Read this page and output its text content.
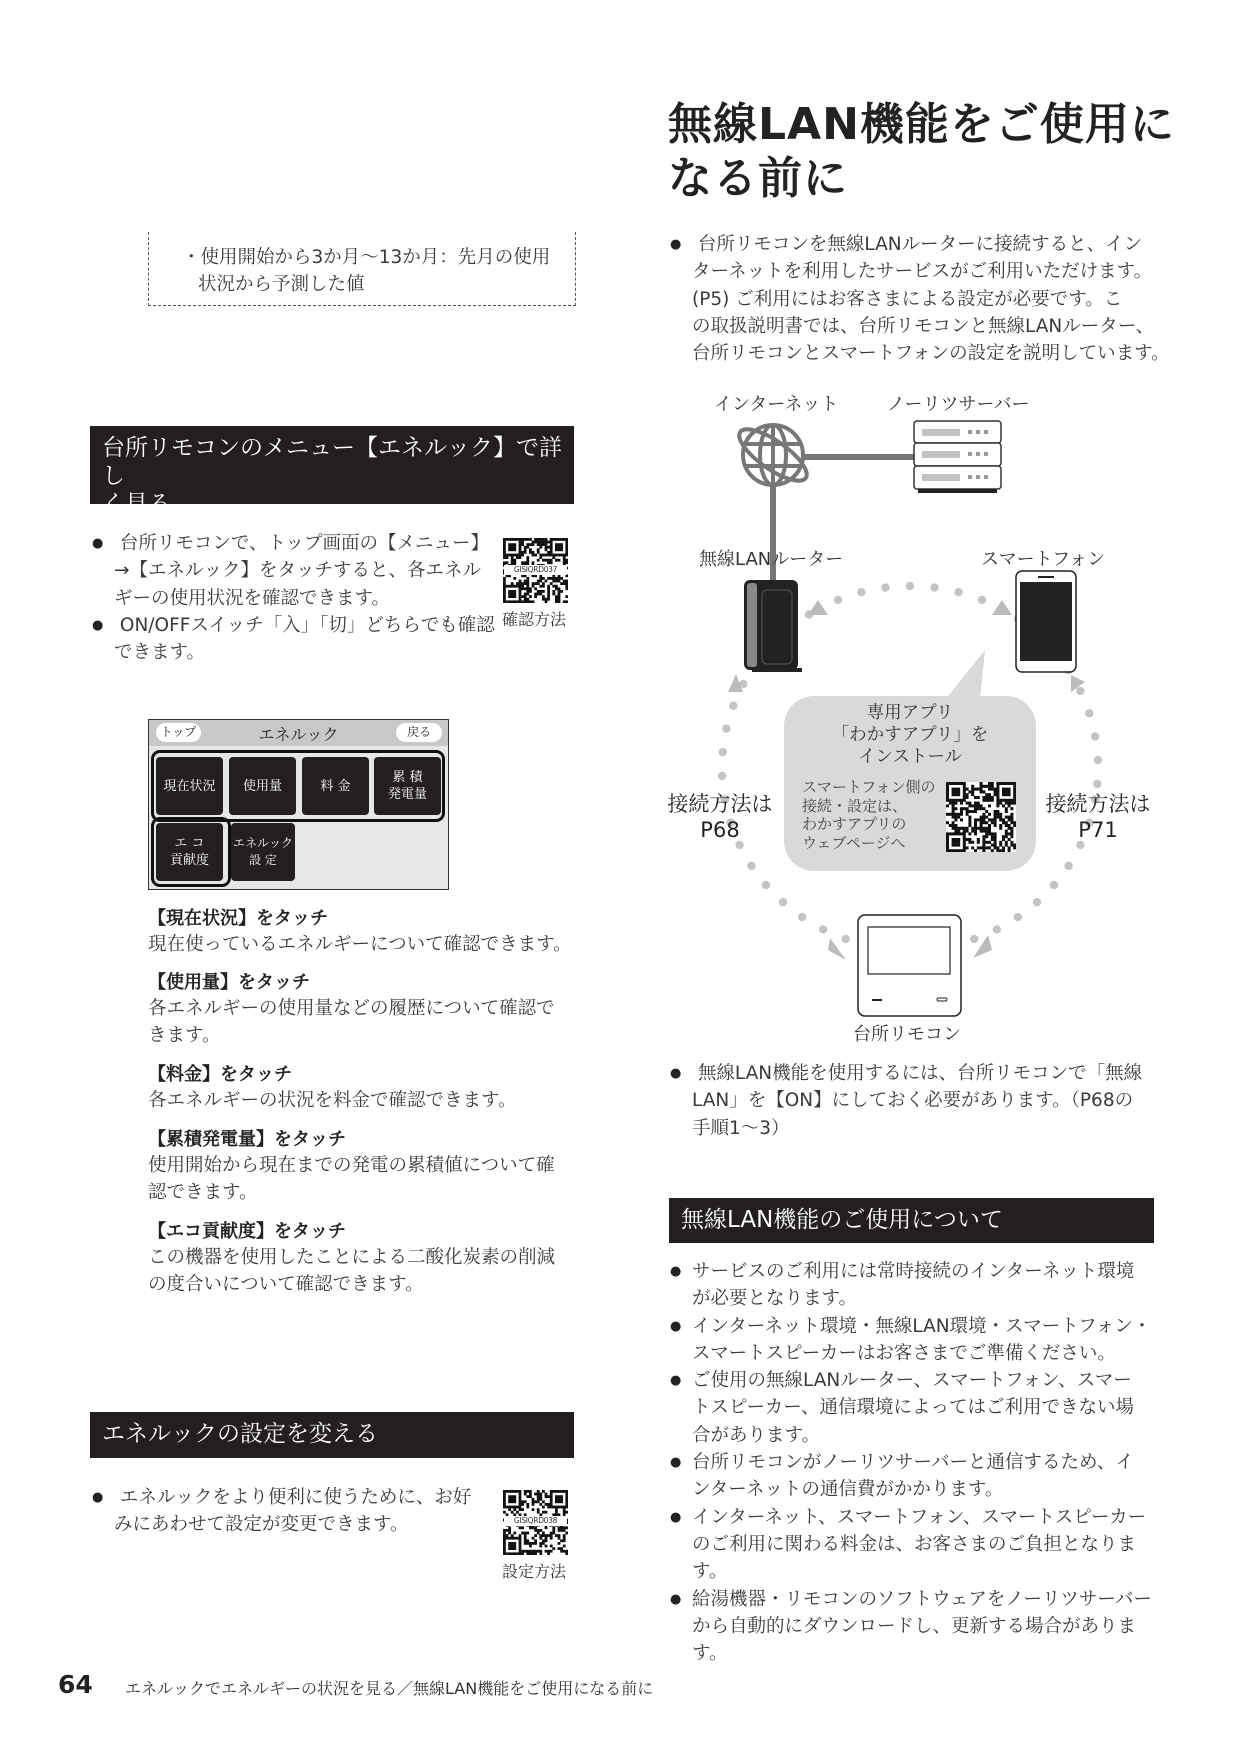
・使用開始から3か月〜13か月：先月の使用
状況から予測した値
台所リモコンのメニュー【エネルック】で詳し
く見る
● 台所リモコンで、トップ画面の【メニュー】
→【エネルック】をタッチすると、各エネル
ギーの使用状況を確認できます。
● ON/OFFスイッチ「入」「切」どちらでも確認
できます。
GISIQRD037
確認方法
トップ	エネルック	戻る
現在状況	使用量	料 金
累 積
発電量
エ コ
貢献度
エネルック
設 定
【現在状況】をタッチ
現在使っているエネルギーについて確認できます。
【使用量】をタッチ
各エネルギーの使用量などの履歴について確認で
きます。
【料金】をタッチ
各エネルギーの状況を料金で確認できます。
【累積発電量】をタッチ
使用開始から現在までの発電の累積値について確
認できます。
【エコ貢献度】をタッチ
この機器を使用したことによる二酸化炭素の削減
の度合いについて確認できます。
エネルックの設定を変える
● エネルックをより便利に使うために、お好
みにあわせて設定が変更できます。	GISIQRD038
設定方法
無線LAN機能をご使用に
なる前に
● 台所リモコンを無線LANルーターに接続すると、イン
ターネットを利用したサービスがご利用いただけます。
(P5) ご利用にはお客さまによる設定が必要です。こ
の取扱説明書では、台所リモコンと無線LANルーター、
台所リモコンとスマートフォンの設定を説明しています。
インターネット	ノーリツサーバー
無線LANルーター	スマートフォン
台所リモコン
接続方法は
P68
接続方法は
P71
専用アプリ
「わかすアプリ」を
インストール
スマートフォン側の
接続・設定は、
わかすアプリの
ウェブページへ
● 無線LAN機能を使用するには、台所リモコンで「無線
LAN」を【ON】にしておく必要があります。（P68の
手順1〜3）
無線LAN機能のご使用について
● サービスのご利用には常時接続のインターネット環境
が必要となります。
● インターネット環境・無線LAN環境・スマートフォン・
スマートスピーカーはお客さまでご準備ください。
● ご使用の無線LANルーター、スマートフォン、スマー
トスピーカー、通信環境によってはご利用できない場
合があります。
● 台所リモコンがノーリツサーバーと通信するため、イ
ンターネットの通信費がかかります。
● インターネット、スマートフォン、スマートスピーカー
のご利用に関わる料金は、お客さまのご負担となります。
● 給湯機器・リモコンのソフトウェアをノーリツサーバー
から自動的にダウンロードし、更新する場合があります。
64 エネルックでエネルギーの状況を見る／無線LAN機能をご使用になる前に
